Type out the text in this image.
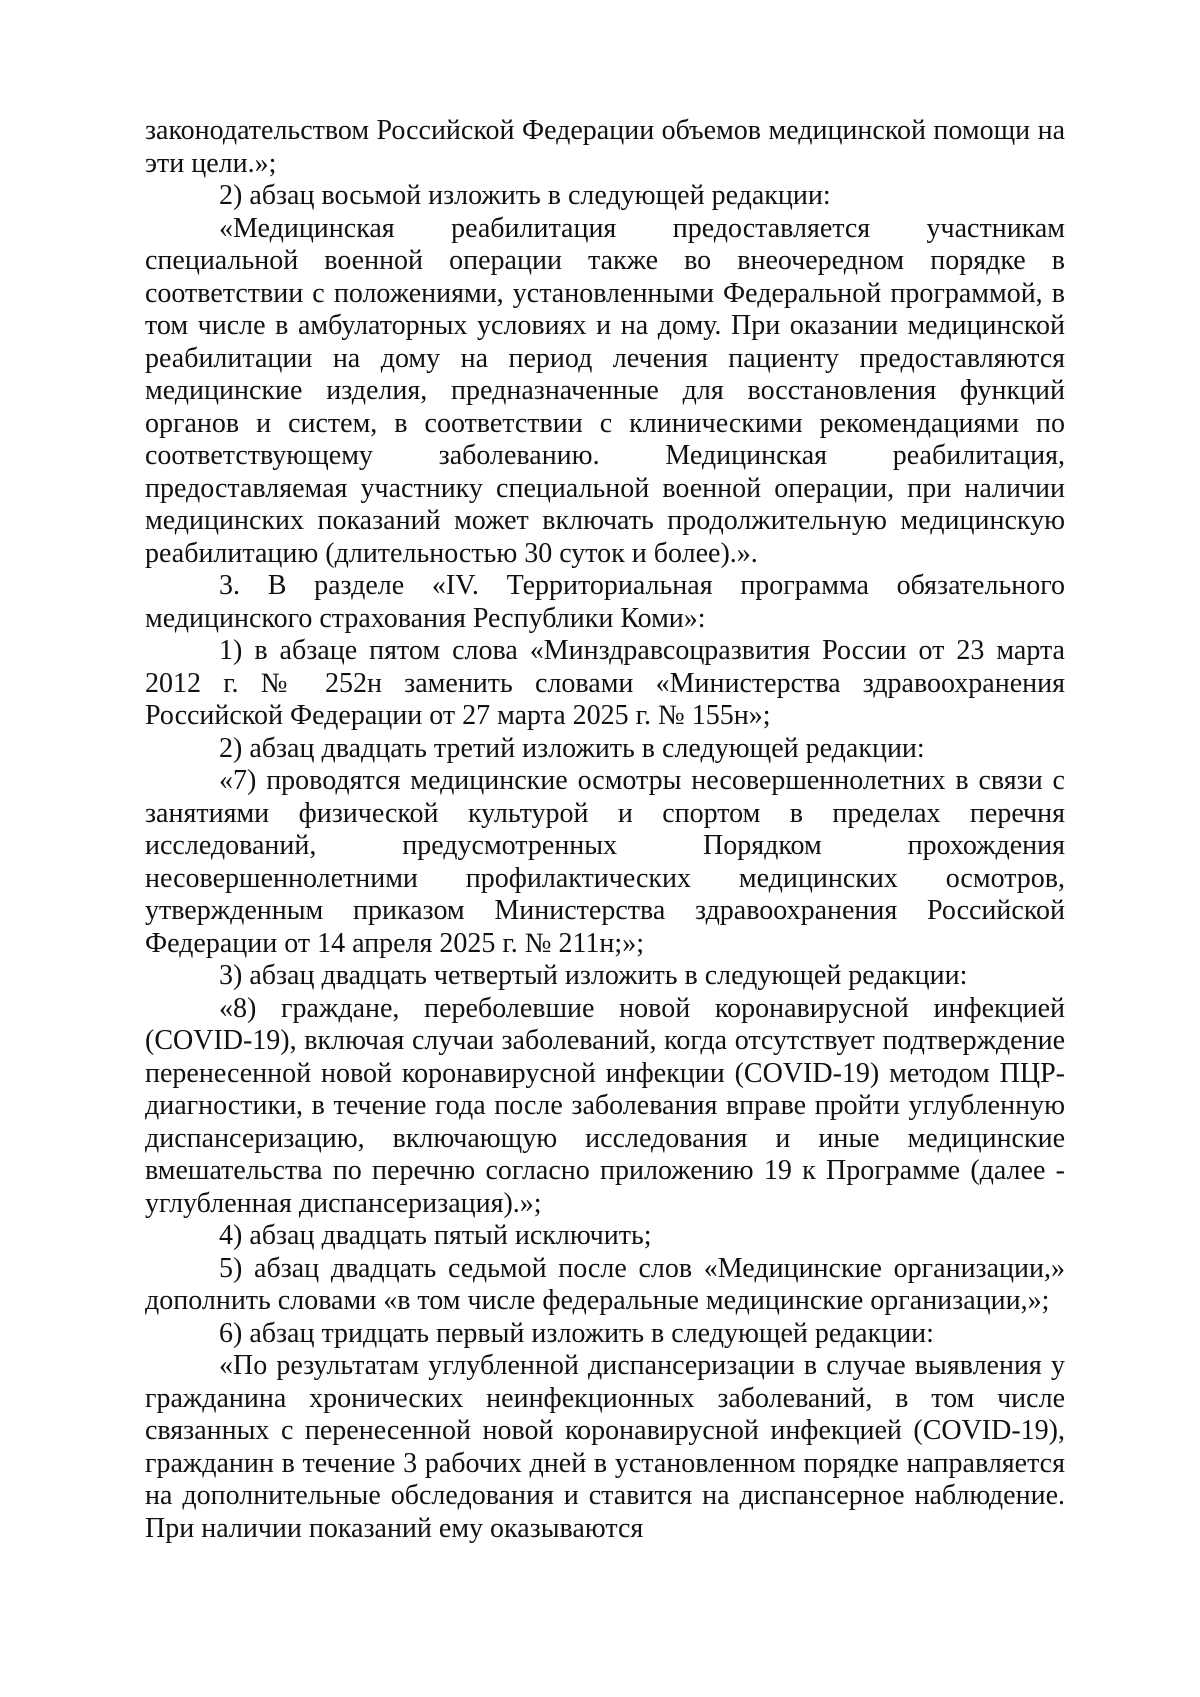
законодательством Российской Федерации объемов медицинской помощи на эти цели.»;

2) абзац восьмой изложить в следующей редакции:

«Медицинская реабилитация предоставляется участникам специальной военной операции также во внеочередном порядке в соответствии с положениями, установленными Федеральной программой, в том числе в амбулаторных условиях и на дому. При оказании медицинской реабилитации на дому на период лечения пациенту предоставляются медицинские изделия, предназначенные для восстановления функций органов и систем, в соответствии с клиническими рекомендациями по соответствующему заболеванию. Медицинская реабилитация, предоставляемая участнику специальной военной операции, при наличии медицинских показаний может включать продолжительную медицинскую реабилитацию (длительностью 30 суток и более).».

3. В разделе «IV. Территориальная программа обязательного медицинского страхования Республики Коми»:

1) в абзаце пятом слова «Минздравсоцразвития России от 23 марта 2012 г. № 252н заменить словами «Министерства здравоохранения Российской Федерации от 27 марта 2025 г. № 155н»;

2) абзац двадцать третий изложить в следующей редакции:

«7) проводятся медицинские осмотры несовершеннолетних в связи с занятиями физической культурой и спортом в пределах перечня исследований, предусмотренных Порядком прохождения несовершеннолетними профилактических медицинских осмотров, утвержденным приказом Министерства здравоохранения Российской Федерации от 14 апреля 2025 г. № 211н;»;

3) абзац двадцать четвертый изложить в следующей редакции:

«8) граждане, переболевшие новой коронавирусной инфекцией (COVID-19), включая случаи заболеваний, когда отсутствует подтверждение перенесенной новой коронавирусной инфекции (COVID-19) методом ПЦР-диагностики, в течение года после заболевания вправе пройти углубленную диспансеризацию, включающую исследования и иные медицинские вмешательства по перечню согласно приложению 19 к Программе (далее - углубленная диспансеризация).»;

4) абзац двадцать пятый исключить;

5) абзац двадцать седьмой после слов «Медицинские организации,» дополнить словами «в том числе федеральные медицинские организации,»;

6) абзац тридцать первый изложить в следующей редакции:

«По результатам углубленной диспансеризации в случае выявления у гражданина хронических неинфекционных заболеваний, в том числе связанных с перенесенной новой коронавирусной инфекцией (COVID-19), гражданин в течение 3 рабочих дней в установленном порядке направляется на дополнительные обследования и ставится на диспансерное наблюдение. При наличии показаний ему оказываются
